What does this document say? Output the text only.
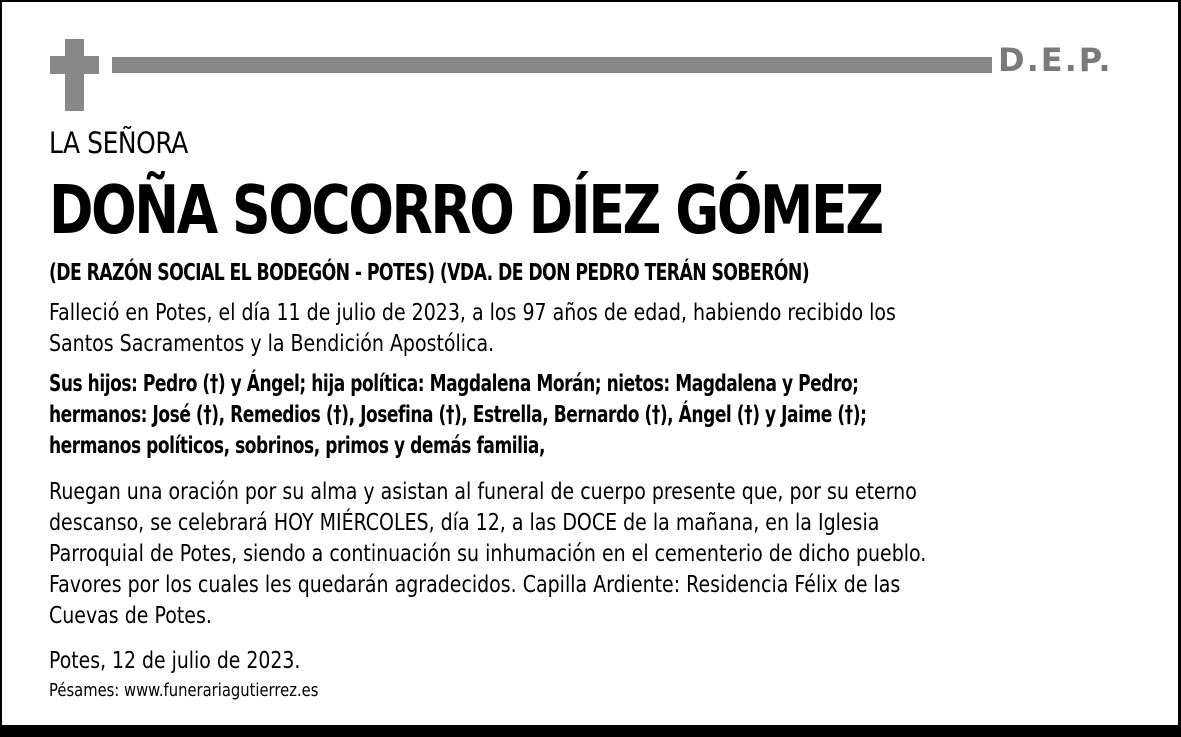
D.E.P.
LA SEÑORA
DOÑA SOCORRO DÍEZ GÓMEZ
(DE RAZÓN SOCIAL EL BODEGÓN - POTES) (VDA. DE DON PEDRO TERÁN SOBERÓN)
Falleció en Potes, el día 11 de julio de 2023, a los 97 años de edad, habiendo recibido los
Santos Sacramentos y la Bendición Apostólica.
Sus hijos: Pedro (†) y Ángel; hija política: Magdalena Morán; nietos: Magdalena y Pedro;
hermanos: José (†), Remedios (†), Josefina (†), Estrella, Bernardo (†), Ángel (†) y Jaime (†);
hermanos políticos, sobrinos, primos y demás familia,
Ruegan una oración por su alma y asistan al funeral de cuerpo presente que, por su eterno
descanso, se celebrará HOY MIÉRCOLES, día 12, a las DOCE de la mañana, en la Iglesia
Parroquial de Potes, siendo a continuación su inhumación en el cementerio de dicho pueblo.
Favores por los cuales les quedarán agradecidos. Capilla Ardiente: Residencia Félix de las
Cuevas de Potes.
Potes, 12 de julio de 2023.
Pésames: www.funerariagutierrez.es
